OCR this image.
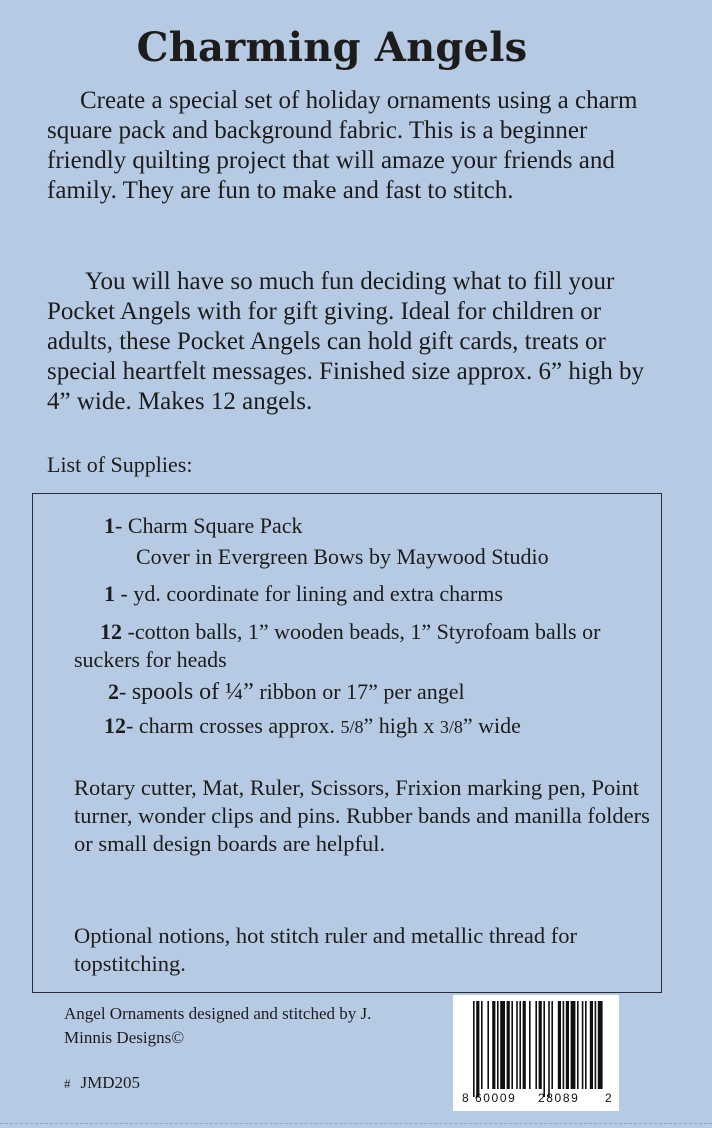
Charming Angels
Create a special set of holiday ornaments using a charm square pack and background fabric. This is a beginner friendly quilting project that will amaze your friends and family. They are fun to make and fast to stitch.
You will have so much fun deciding what to fill your Pocket Angels with for gift giving. Ideal for children or adults, these Pocket Angels can hold gift cards, treats or special heartfelt messages. Finished size approx. 6” high by 4” wide. Makes 12 angels.
List of Supplies:
1- Charm Square Pack
Cover in Evergreen Bows by Maywood Studio
1 - yd. coordinate for lining and extra charms
12 -cotton balls, 1” wooden beads, 1” Styrofoam balls or suckers for heads
2- spools of ¼” ribbon or 17” per angel
12- charm crosses approx. 5/8” high x 3/8” wide
Rotary cutter, Mat, Ruler, Scissors, Frixion marking pen, Point turner, wonder clips and pins. Rubber bands and manilla folders or small design boards are helpful.
Optional notions, hot stitch ruler and metallic thread for topstitching.
Angel Ornaments designed and stitched by J. Minnis Designs©
# JMD205
8 60009 28089 2
